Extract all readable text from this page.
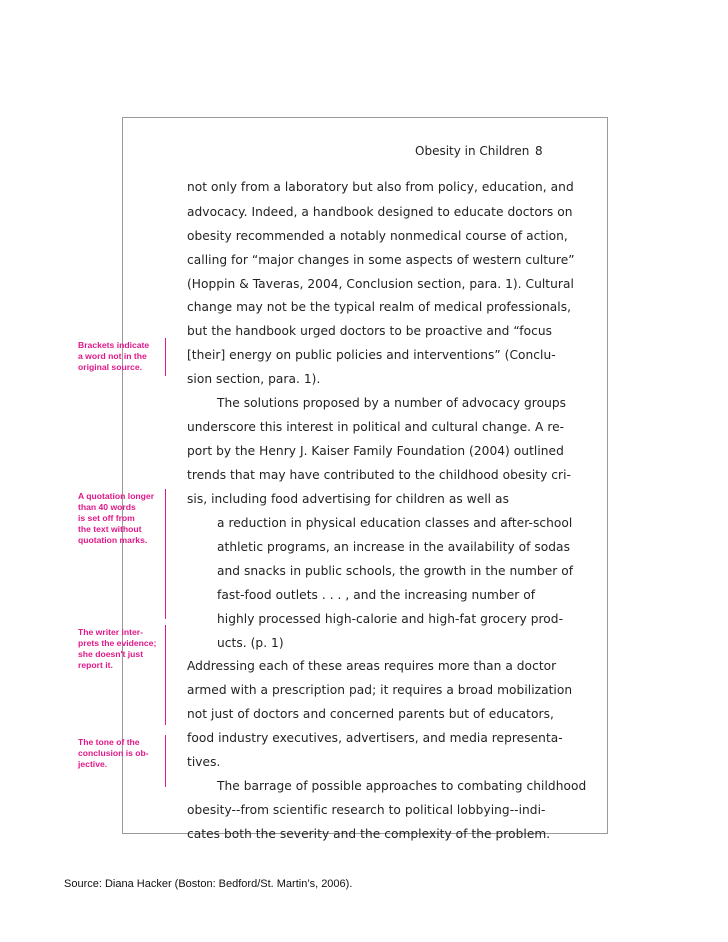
Obesity in Children 8
not only from a laboratory but also from policy, education, and
advocacy. Indeed, a handbook designed to educate doctors on
obesity recommended a notably nonmedical course of action,
calling for “major changes in some aspects of western culture”
(Hoppin & Taveras, 2004, Conclusion section, para. 1). Cultural
change may not be the typical realm of medical professionals,
but the handbook urged doctors to be proactive and “focus
[their] energy on public policies and interventions” (Conclu-
sion section, para. 1).
The solutions proposed by a number of advocacy groups
underscore this interest in political and cultural change. A re-
port by the Henry J. Kaiser Family Foundation (2004) outlined
trends that may have contributed to the childhood obesity cri-
sis, including food advertising for children as well as
a reduction in physical education classes and after-school
athletic programs, an increase in the availability of sodas
and snacks in public schools, the growth in the number of
fast-food outlets . . . , and the increasing number of
highly processed high-calorie and high-fat grocery prod-
ucts. (p. 1)
Addressing each of these areas requires more than a doctor
armed with a prescription pad; it requires a broad mobilization
not just of doctors and concerned parents but of educators,
food industry executives, advertisers, and media representa-
tives.
The barrage of possible approaches to combating childhood
obesity--from scientific research to political lobbying--indi-
cates both the severity and the complexity of the problem.
Brackets indicate
a word not in the
original source.
A quotation longer
than 40 words
is set off from
the text without
quotation marks.
The writer inter-
prets the evidence;
she doesn't just
report it.
The tone of the
conclusion is ob-
jective.
Source: Diana Hacker (Boston: Bedford/St. Martin’s, 2006).
